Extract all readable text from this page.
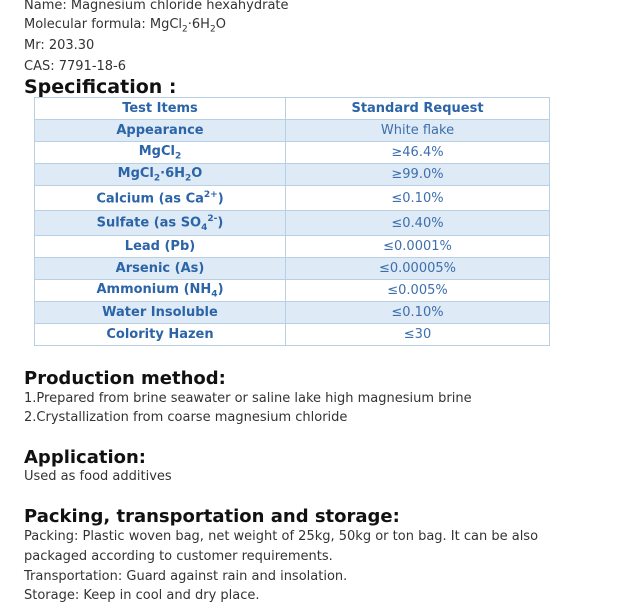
Name: Magnesium chloride hexahydrate
Molecular formula: $MgCl_2\cdot 6H_2O$
Mr: 203.30
CAS: 7791-18-6
Specification :
Test Items	Standard Request
Appearance	White flake
MgCl$_2$	≥46.4%
$MgCl_2\cdot 6H_2O$	≥99.0%
Calcium (as $Ca^{2+}$)	≤0.10%
Sulfate (as $SO_4^{2-}$)	≤0.40%
Lead (Pb)	≤0.0001%
Arsenic (As)	≤0.00005%
Ammonium $(NH_4)$	≤0.005%
Water Insoluble	≤0.10%
Colority Hazen	≤30
Production method:
1.Prepared from brine seawater or saline lake high magnesium brine
2.Crystallization from coarse magnesium chloride
Application:
Used as food additives
Packing, transportation and storage:
Packing: Plastic woven bag, net weight of 25kg, 50kg or ton bag. It can be also
packaged according to customer requirements.
Transportation: Guard against rain and insolation.
Storage: Keep in cool and dry place.
